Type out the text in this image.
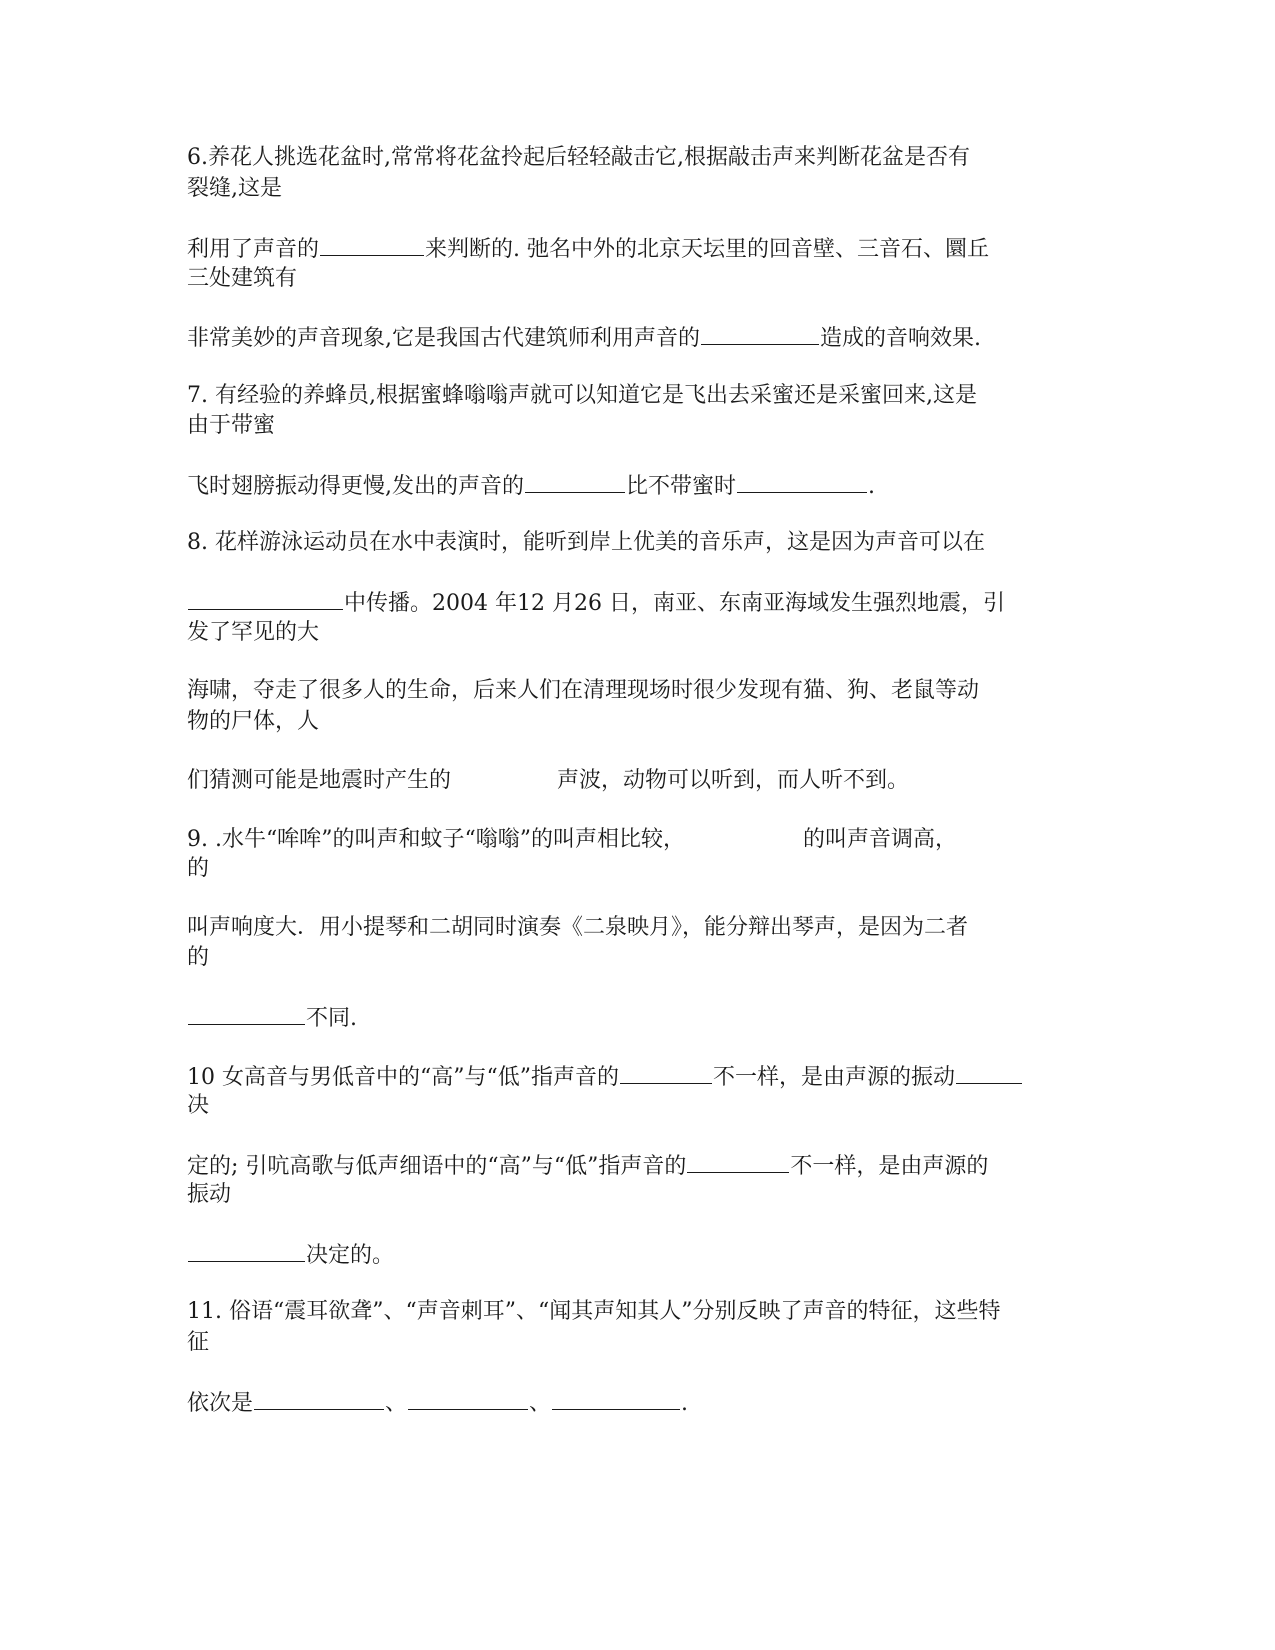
6.养花人挑选花盆时,常常将花盆拎起后轻轻敲击它,根据敲击声来判断花盆是否有
裂缝,这是
利用了声音的	来判断的. 弛名中外的北京天坛里的回音壁、三音石、圜丘
三处建筑有
非常美妙的声音现象,它是我国古代建筑师利用声音的	造成的音响效果.
7. 有经验的养蜂员,根据蜜蜂嗡嗡声就可以知道它是飞出去采蜜还是采蜜回来,这是
由于带蜜
飞时翅膀振动得更慢,发出的声音的	比不带蜜时	.
8. 花样游泳运动员在水中表演时，能听到岸上优美的音乐声，这是因为声音可以在
中传播。2004 年12 月26 日，南亚、东南亚海域发生强烈地震，引
发了罕见的大
海啸，夺走了很多人的生命，后来人们在清理现场时很少发现有猫、狗、老鼠等动
物的尸体，人
们猜测可能是地震时产生的	声波，动物可以听到，而人听不到。
9. .水牛“哞哞”的叫声和蚊子“嗡嗡”的叫声相比较，	的叫声音调高，
的
叫声响度大．用小提琴和二胡同时演奏《二泉映月》，能分辩出琴声，是因为二者
的
不同.
10 女高音与男低音中的“高”与“低”指声音的	不一样，是由声源的振动
决
定的; 引吭高歌与低声细语中的“高”与“低”指声音的	不一样，是由声源的
振动
决定的。
11. 俗语“震耳欲聋”、“声音刺耳”、“闻其声知其人”分别反映了声音的特征，这些特
征
依次是	、	、	.
